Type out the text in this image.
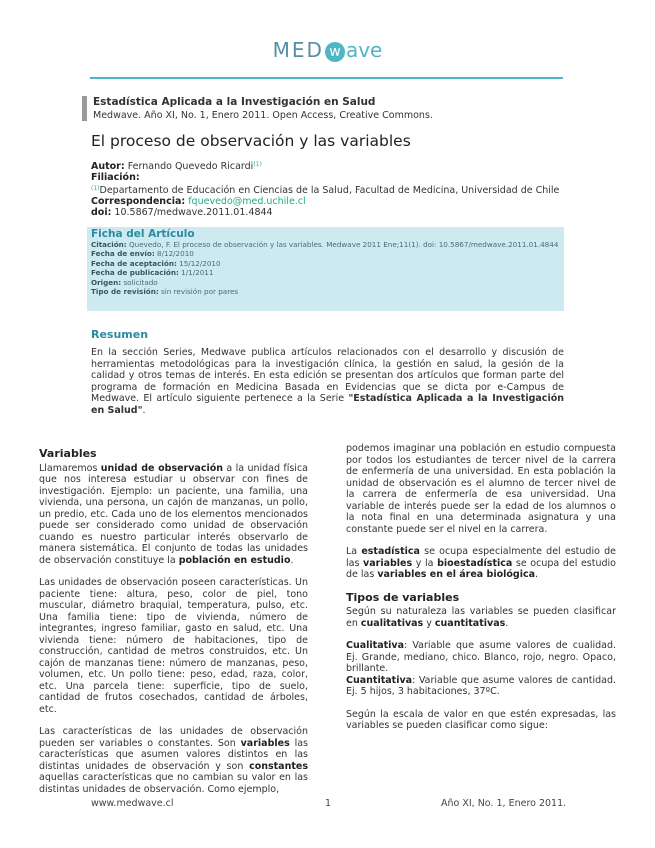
MED w ave
Estadística Aplicada a la Investigación en Salud
Medwave. Año XI, No. 1, Enero 2011. Open Access, Creative Commons.
El proceso de observación y las variables
Autor: Fernando Quevedo Ricardi$^{(1)}$
Filiación:
$^{(1)}$Departamento de Educación en Ciencias de la Salud, Facultad de Medicina, Universidad de Chile
Correspondencia: fquevedo@med.uchile.cl
doi: 10.5867/medwave.2011.01.4844
Ficha del Artículo
Citación: Quevedo, F. El proceso de observación y las variables. Medwave 2011 Ene;11(1). doi: 10.5867/medwave.2011.01.4844
Fecha de envío: 8/12/2010
Fecha de aceptación: 15/12/2010
Fecha de publicación: 1/1/2011
Origen: solicitado
Tipo de revisión: sin revisión por pares
Resumen
En la sección Series, Medwave publica artículos relacionados con el desarrollo y discusión de herramientas metodológicas para la investigación clínica, la gestión en salud, la gesión de la calidad y otros temas de interés. En esta edición se presentan dos artículos que forman parte del programa de formación en Medicina Basada en Evidencias que se dicta por e-Campus de Medwave. El artículo siguiente pertenece a la Serie "Estadística Aplicada a la Investigación en Salud".
Variables

Llamaremos unidad de observación a la unidad física que nos interesa estudiar u observar con fines de investigación. Ejemplo: un paciente, una familia, una vivienda, una persona, un cajón de manzanas, un pollo, un predio, etc. Cada uno de los elementos mencionados puede ser considerado como unidad de observación cuando es nuestro particular interés observarlo de manera sistemática. El conjunto de todas las unidades de observación constituye la población en estudio.

Las unidades de observación poseen características. Un paciente tiene: altura, peso, color de piel, tono muscular, diámetro braquial, temperatura, pulso, etc. Una familia tiene: tipo de vivienda, número de integrantes, ingreso familiar, gasto en salud, etc. Una vivienda tiene: número de habitaciones, tipo de construcción, cantidad de metros construidos, etc. Un cajón de manzanas tiene: número de manzanas, peso, volumen, etc. Un pollo tiene: peso, edad, raza, color, etc. Una parcela tiene: superficie, tipo de suelo, cantidad de frutos cosechados, cantidad de árboles, etc.

Las características de las unidades de observación pueden ser variables o constantes. Son variables las características que asumen valores distintos en las distintas unidades de observación y son constantes aquellas características que no cambian su valor en las distintas unidades de observación. Como ejemplo,

podemos imaginar una población en estudio compuesta por todos los estudiantes de tercer nivel de la carrera de enfermería de una universidad. En esta población la unidad de observación es el alumno de tercer nivel de la carrera de enfermería de esa universidad. Una variable de interés puede ser la edad de los alumnos o la nota final en una determinada asignatura y una constante puede ser el nivel en la carrera.

La estadística se ocupa especialmente del estudio de las variables y la bioestadística se ocupa del estudio de las variables en el área biológica.

Tipos de variables

Según su naturaleza las variables se pueden clasificar en cualitativas y cuantitativas.

Cualitativa: Variable que asume valores de cualidad. Ej. Grande, mediano, chico. Blanco, rojo, negro. Opaco, brillante.

Cuantitativa: Variable que asume valores de cantidad. Ej. 5 hijos, 3 habitaciones, 37ºC.

Según la escala de valor en que estén expresadas, las variables se pueden clasificar como sigue:

www.medwave.cl	1	Año XI, No. 1, Enero 2011.
